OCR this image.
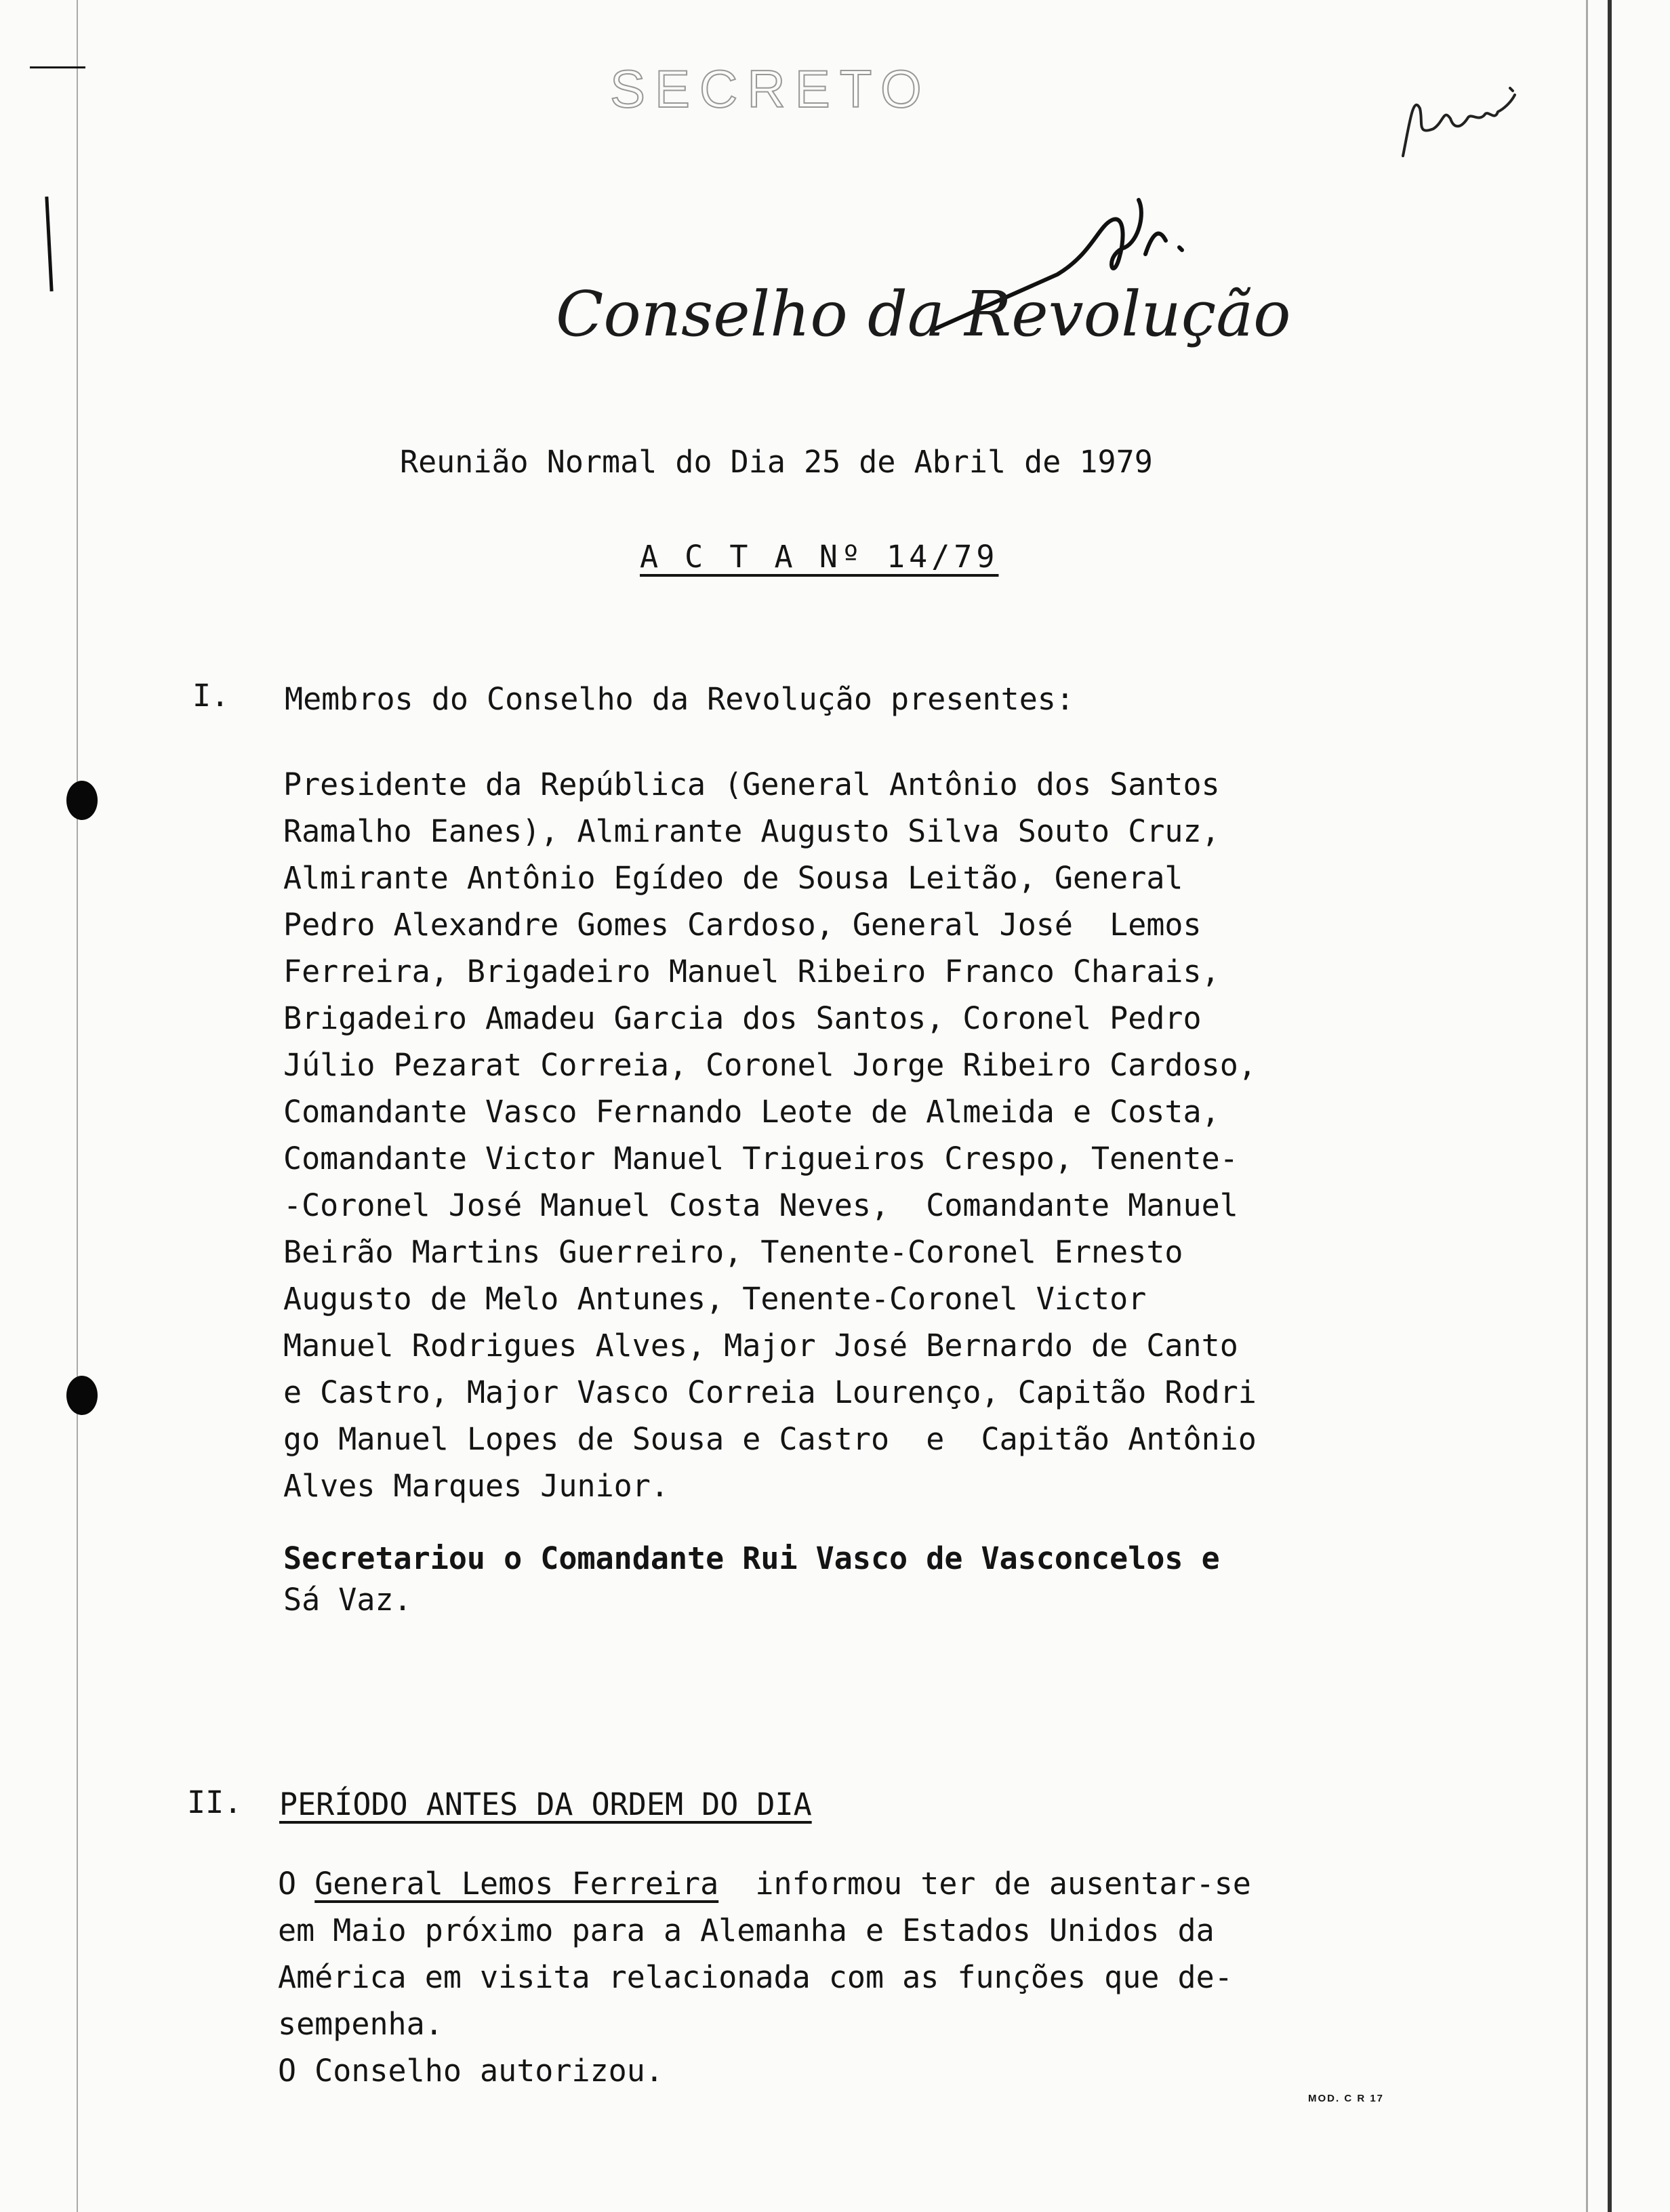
SECRETO
Conselho da Revolução
Reunião Normal do Dia 25 de Abril de 1979
A C T A Nº 14/79
I. Membros do Conselho da Revolução presentes:
Presidente da República (General Antônio dos Santos
Ramalho Eanes), Almirante Augusto Silva Souto Cruz,
Almirante Antônio Egídeo de Sousa Leitão, General
Pedro Alexandre Gomes Cardoso, General José  Lemos
Ferreira, Brigadeiro Manuel Ribeiro Franco Charais,
Brigadeiro Amadeu Garcia dos Santos, Coronel Pedro
Júlio Pezarat Correia, Coronel Jorge Ribeiro Cardoso,
Comandante Vasco Fernando Leote de Almeida e Costa,
Comandante Victor Manuel Trigueiros Crespo, Tenente-
-Coronel José Manuel Costa Neves,  Comandante Manuel
Beirão Martins Guerreiro, Tenente-Coronel Ernesto
Augusto de Melo Antunes, Tenente-Coronel Victor
Manuel Rodrigues Alves, Major José Bernardo de Canto
e Castro, Major Vasco Correia Lourenço, Capitão Rodri
go Manuel Lopes de Sousa e Castro  e  Capitão Antônio
Alves Marques Junior.
Secretariou o Comandante Rui Vasco de Vasconcelos e
Sá Vaz.
II. PERÍODO ANTES DA ORDEM DO DIA
O General Lemos Ferreira  informou ter de ausentar-se
em Maio próximo para a Alemanha e Estados Unidos da
América em visita relacionada com as funções que de-
sempenha.
O Conselho autorizou.
MOD. C R 17
